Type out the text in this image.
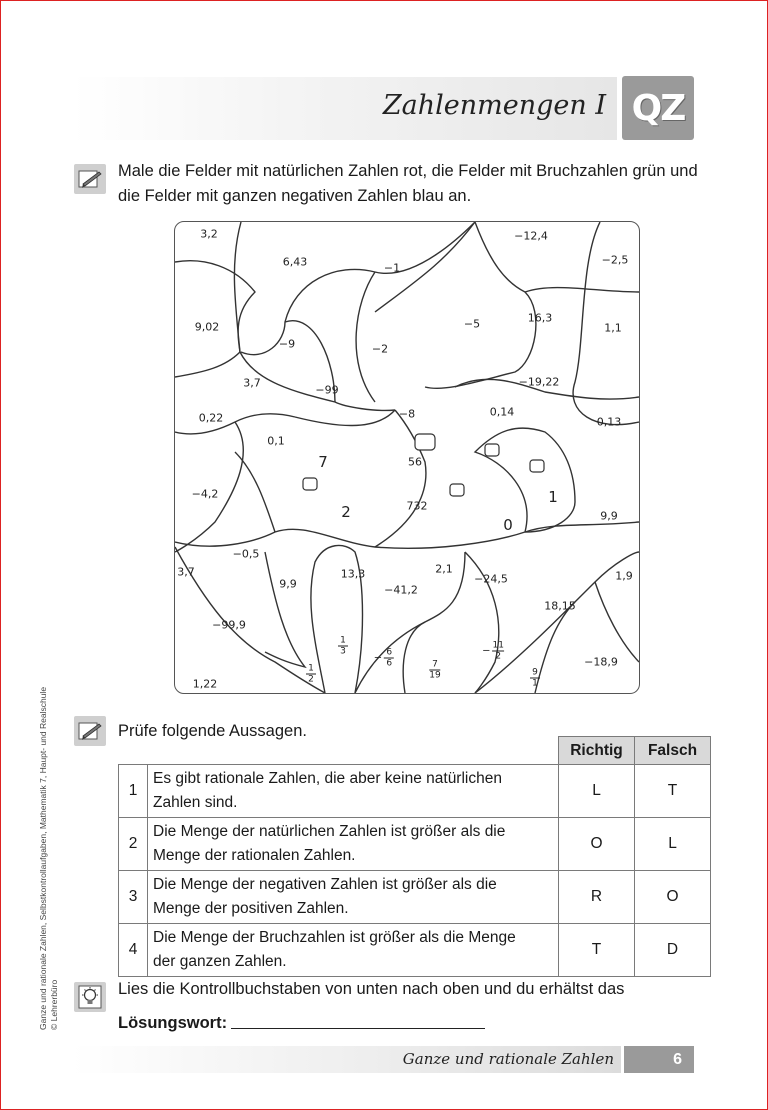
Zahlenmengen I QZ
Male die Felder mit natürlichen Zahlen rot, die Felder mit Bruchzahlen grün und
die Felder mit ganzen negativen Zahlen blau an.
3,2
6,43	−1
−12,4
−2,5
9,02
−9	−2
−5	16,3
1,1
3,7
−99
−19,22
0,22	−8	0,14
0,13
0,1
7	56
−4,2
2	732	1
0	9,9
−0,5
3,7
9,9
13,3
−41,2
2,1
−24,5	1,9
18,15
−99,9
−18,9
1,22
1
2
1
3
− $\frac{6}{6}$	7
19
− $\frac{11}{2}$
9
1
Prüfe folgende Aussagen.
		Richtig	Falsch
1	Es gibt rationale Zahlen, die aber keine natürlichen
Zahlen sind.	L	T
2	Die Menge der natürlichen Zahlen ist größer als die
Menge der rationalen Zahlen.	O	L
3	Die Menge der negativen Zahlen ist größer als die
Menge der positiven Zahlen.	R	O
4	Die Menge der Bruchzahlen ist größer als die Menge
der ganzen Zahlen.	T	D
Lies die Kontrollbuchstaben von unten nach oben und du erhältst das
Lösungswort:
Ganze und rationale Zahlen	6
Ganze und rationale Zahlen, Selbstkontrollaufgaben, Mathematik 7, Haupt- und Realschule © Lehrerbüro
